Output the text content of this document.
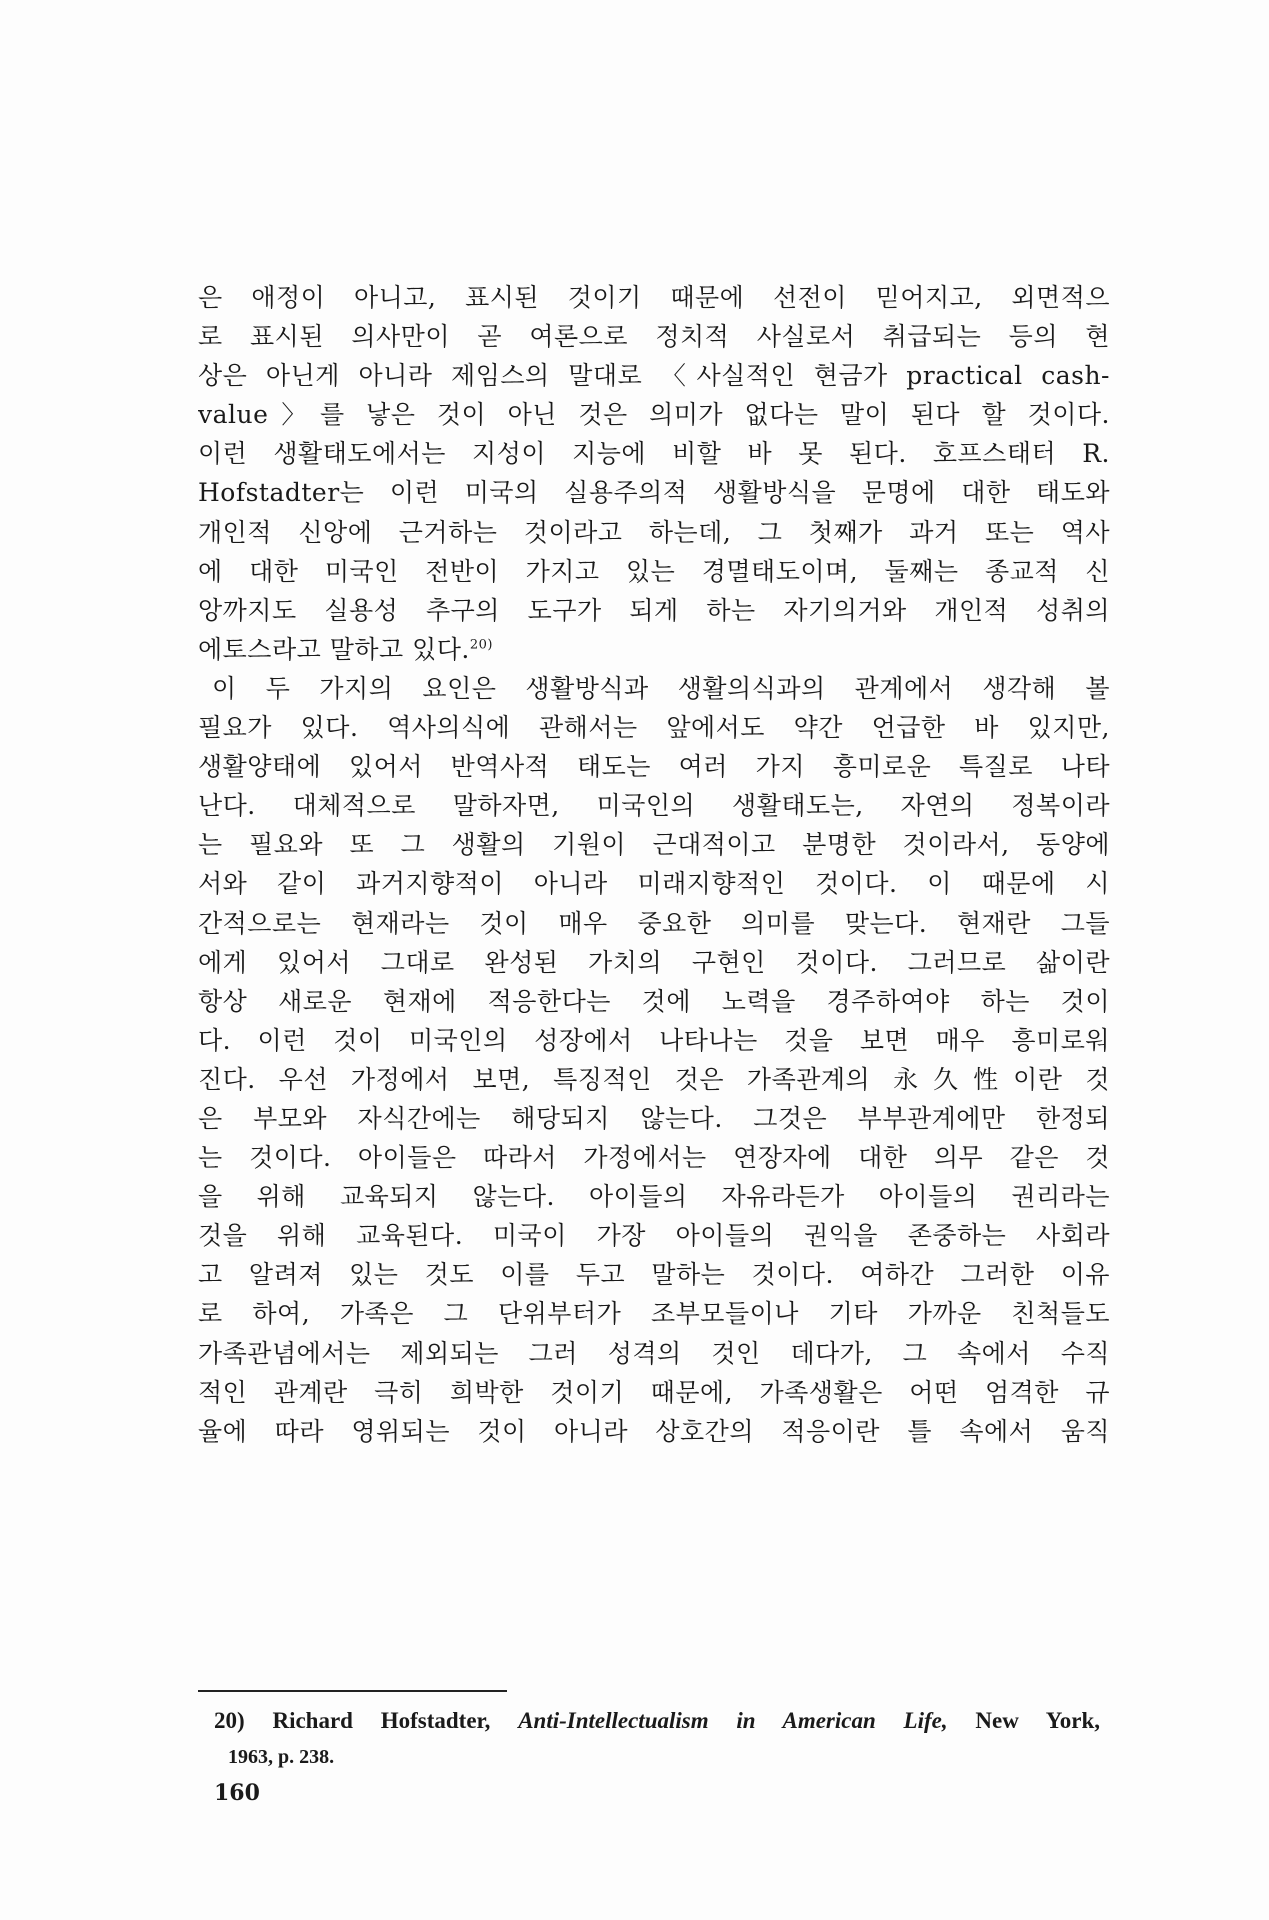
은 애정이 아니고, 표시된 것이기 때문에 선전이 믿어지고, 외면적으
로 표시된 의사만이 곧 여론으로 정치적 사실로서 취급되는 등의 현
상은 아닌게 아니라 제임스의 말대로 〈사실적인 현금가 practical cash-
value〉를 낳은 것이 아닌 것은 의미가 없다는 말이 된다 할 것이다.
이런 생활태도에서는 지성이 지능에 비할 바 못 된다. 호프스태터 R.
Hofstadter는 이런 미국의 실용주의적 생활방식을 문명에 대한 태도와
개인적 신앙에 근거하는 것이라고 하는데, 그 첫째가 과거 또는 역사
에 대한 미국인 전반이 가지고 있는 경멸태도이며, 둘째는 종교적 신
앙까지도 실용성 추구의 도구가 되게 하는 자기의거와 개인적 성취의
에토스라고 말하고 있다.$^{20)}$
이 두 가지의 요인은 생활방식과 생활의식과의 관계에서 생각해 볼
필요가 있다. 역사의식에 관해서는 앞에서도 약간 언급한 바 있지만,
생활양태에 있어서 반역사적 태도는 여러 가지 흥미로운 특질로 나타
난다. 대체적으로 말하자면, 미국인의 생활태도는, 자연의 정복이라
는 필요와 또 그 생활의 기원이 근대적이고 분명한 것이라서, 동양에
서와 같이 과거지향적이 아니라 미래지향적인 것이다. 이 때문에 시
간적으로는 현재라는 것이 매우 중요한 의미를 맞는다. 현재란 그들
에게 있어서 그대로 완성된 가치의 구현인 것이다. 그러므로 삶이란
항상 새로운 현재에 적응한다는 것에 노력을 경주하여야 하는 것이
다. 이런 것이 미국인의 성장에서 나타나는 것을 보면 매우 흥미로워
진다. 우선 가정에서 보면, 특징적인 것은 가족관계의 永久性이란 것
은 부모와 자식간에는 해당되지 않는다. 그것은 부부관계에만 한정되
는 것이다. 아이들은 따라서 가정에서는 연장자에 대한 의무 같은 것
을 위해 교육되지 않는다. 아이들의 자유라든가 아이들의 권리라는
것을 위해 교육된다. 미국이 가장 아이들의 권익을 존중하는 사회라
고 알려져 있는 것도 이를 두고 말하는 것이다. 여하간 그러한 이유
로 하여, 가족은 그 단위부터가 조부모들이나 기타 가까운 친척들도
가족관념에서는 제외되는 그러 성격의 것인 데다가, 그 속에서 수직
적인 관계란 극히 희박한 것이기 때문에, 가족생활은 어떤 엄격한 규
율에 따라 영위되는 것이 아니라 상호간의 적응이란 틀 속에서 움직
20) Richard Hofstadter, Anti-Intellectualism in American Life, New York,
1963, p. 238.
160
